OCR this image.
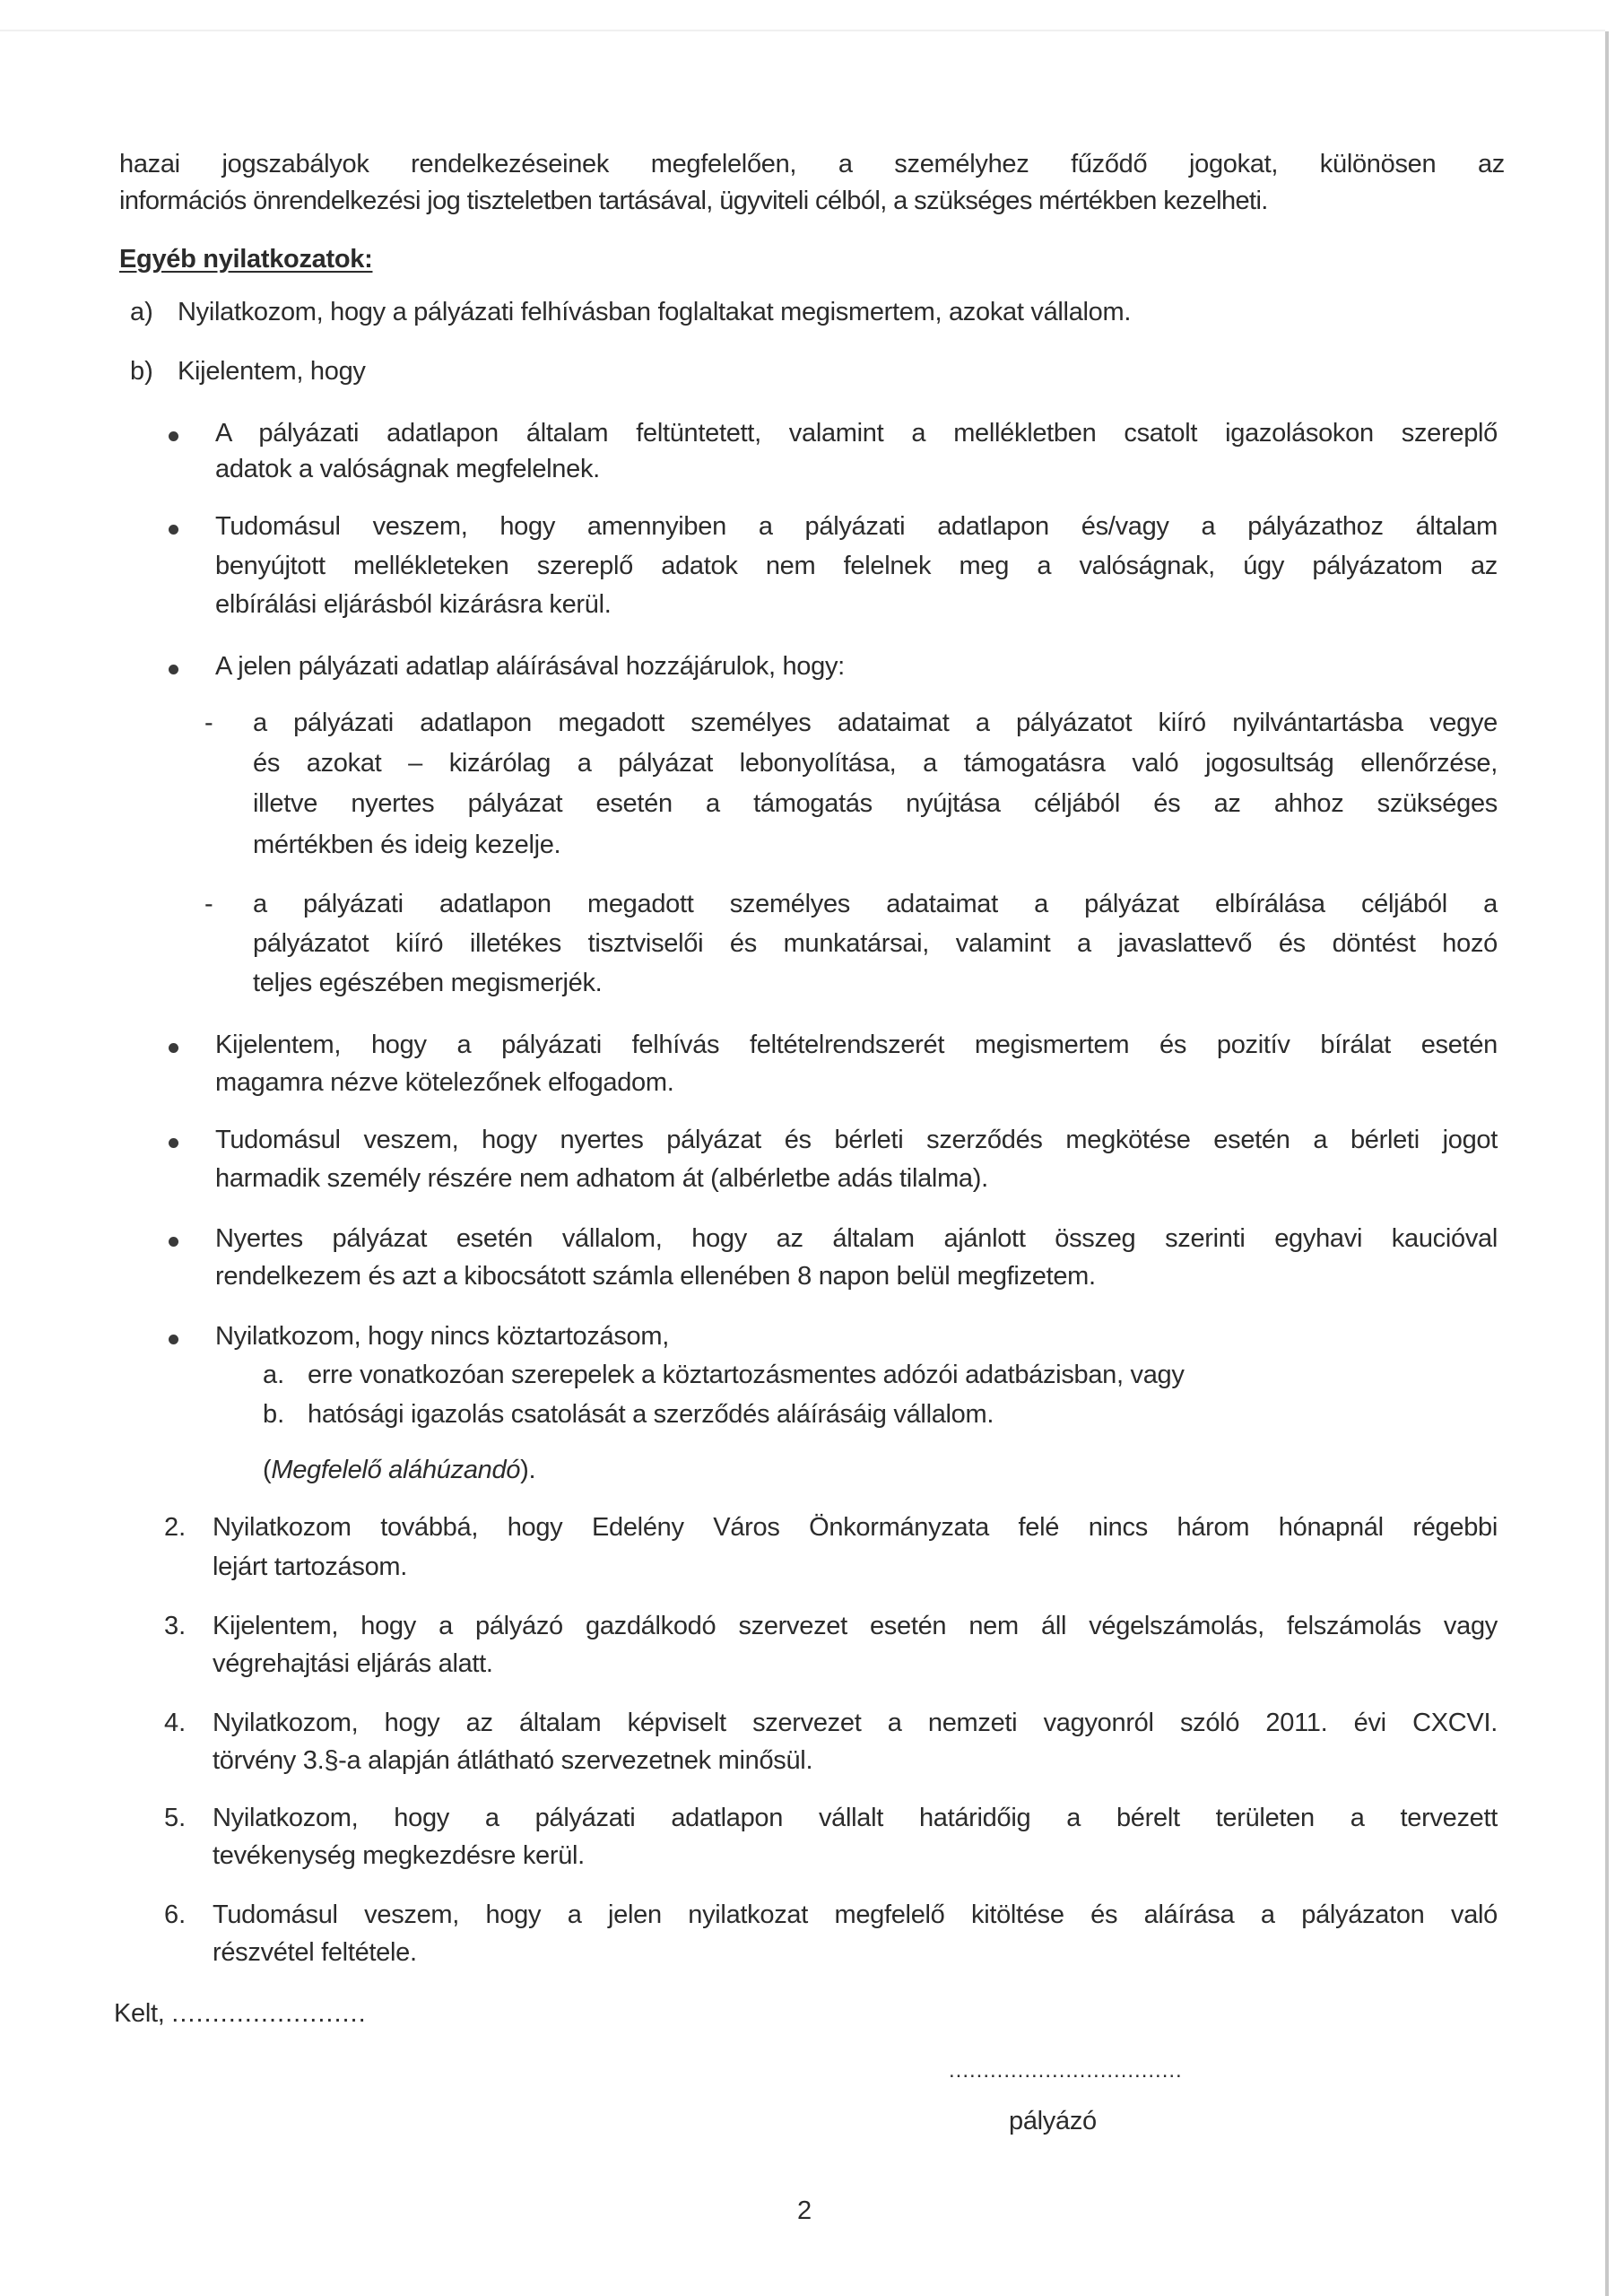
hazai jogszabályok rendelkezéseinek megfelelően, a személyhez fűződő jogokat, különösen az
információs önrendelkezési jog tiszteletben tartásával, ügyviteli célból, a szükséges mértékben kezelheti.
Egyéb nyilatkozatok:
a) Nyilatkozom, hogy a pályázati felhívásban foglaltakat megismertem, azokat vállalom.
b) Kijelentem, hogy
A pályázati adatlapon általam feltüntetett, valamint a mellékletben csatolt igazolásokon szereplő
adatok a valóságnak megfelelnek.
Tudomásul veszem, hogy amennyiben a pályázati adatlapon és/vagy a pályázathoz általam
benyújtott mellékleteken szereplő adatok nem felelnek meg a valóságnak, úgy pályázatom az
elbírálási eljárásból kizárásra kerül.
A jelen pályázati adatlap aláírásával hozzájárulok, hogy:
- a pályázati adatlapon megadott személyes adataimat a pályázatot kiíró nyilvántartásba vegye
és azokat – kizárólag a pályázat lebonyolítása, a támogatásra való jogosultság ellenőrzése,
illetve nyertes pályázat esetén a támogatás nyújtása céljából és az ahhoz szükséges
mértékben és ideig kezelje.
- a pályázati adatlapon megadott személyes adataimat a pályázat elbírálása céljából a
pályázatot kiíró illetékes tisztviselői és munkatársai, valamint a javaslattevő és döntést hozó
teljes egészében megismerjék.
Kijelentem, hogy a pályázati felhívás feltételrendszerét megismertem és pozitív bírálat esetén
magamra nézve kötelezőnek elfogadom.
Tudomásul veszem, hogy nyertes pályázat és bérleti szerződés megkötése esetén a bérleti jogot
harmadik személy részére nem adhatom át (albérletbe adás tilalma).
Nyertes pályázat esetén vállalom, hogy az általam ajánlott összeg szerinti egyhavi kaucióval
rendelkezem és azt a kibocsátott számla ellenében 8 napon belül megfizetem.
Nyilatkozom, hogy nincs köztartozásom,
a. erre vonatkozóan szerepelek a köztartozásmentes adózói adatbázisban, vagy
b. hatósági igazolás csatolását a szerződés aláírásáig vállalom.
(Megfelelő aláhúzandó).
2. Nyilatkozom továbbá, hogy Edelény Város Önkormányzata felé nincs három hónapnál régebbi
lejárt tartozásom.
3. Kijelentem, hogy a pályázó gazdálkodó szervezet esetén nem áll végelszámolás, felszámolás vagy
végrehajtási eljárás alatt.
4. Nyilatkozom, hogy az általam képviselt szervezet a nemzeti vagyonról szóló 2011. évi CXCVI.
törvény 3.§-a alapján átlátható szervezetnek minősül.
5. Nyilatkozom, hogy a pályázati adatlapon vállalt határidőig a bérelt területen a tervezett
tevékenység megkezdésre kerül.
6. Tudomásul veszem, hogy a jelen nyilatkozat megfelelő kitöltése és aláírása a pályázaton való
részvétel feltétele.
Kelt, ........................
..................................
pályázó
2
